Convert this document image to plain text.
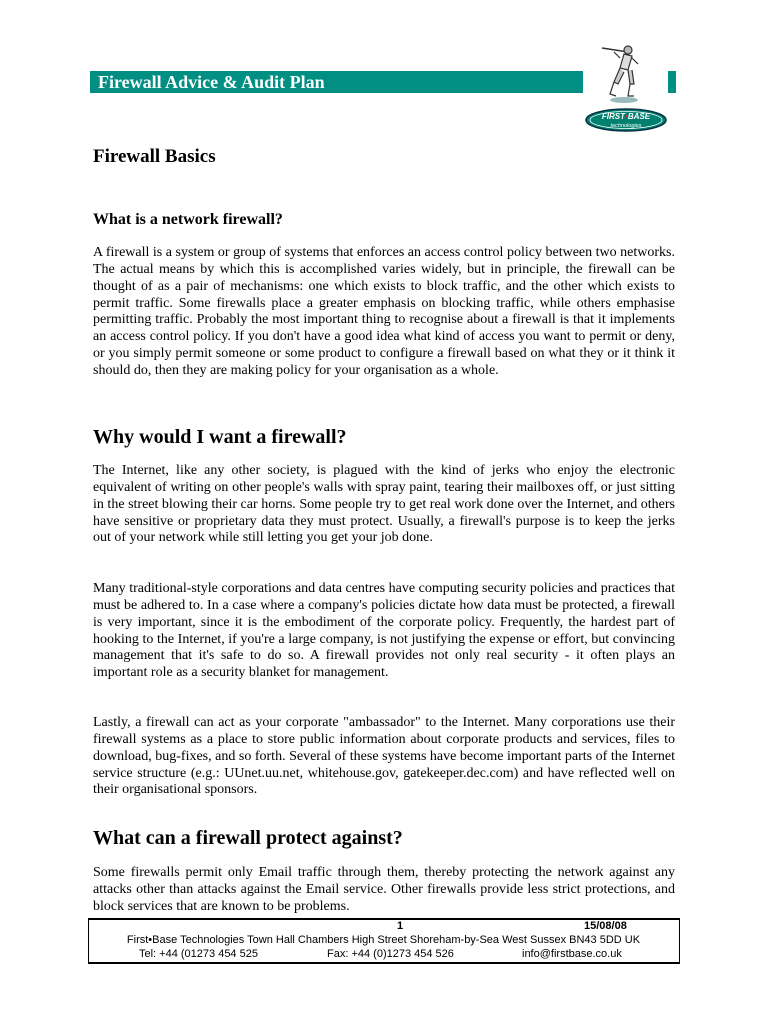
Firewall Advice & Audit Plan
FIRST•BASE
technologies
Firewall Basics
What is a network firewall?
A firewall is a system or group of systems that enforces an access control policy between two networks. The actual means by which this is accomplished varies widely, but in principle, the firewall can be thought of as a pair of mechanisms: one which exists to block traffic, and the other which exists to permit traffic. Some firewalls place a greater emphasis on blocking traffic, while others emphasise permitting traffic. Probably the most important thing to recognise about a firewall is that it implements an access control policy. If you don't have a good idea what kind of access you want to permit or deny, or you simply permit someone or some product to configure a firewall based on what they or it think it should do, then they are making policy for your organisation as a whole.
Why would I want a firewall?
The Internet, like any other society, is plagued with the kind of jerks who enjoy the electronic equivalent of writing on other people's walls with spray paint, tearing their mailboxes off, or just sitting in the street blowing their car horns. Some people try to get real work done over the Internet, and others have sensitive or proprietary data they must protect. Usually, a firewall's purpose is to keep the jerks out of your network while still letting you get your job done.
Many traditional-style corporations and data centres have computing security policies and practices that must be adhered to. In a case where a company's policies dictate how data must be protected, a firewall is very important, since it is the embodiment of the corporate policy. Frequently, the hardest part of hooking to the Internet, if you're a large company, is not justifying the expense or effort, but convincing management that it's safe to do so. A firewall provides not only real security - it often plays an important role as a security blanket for management.
Lastly, a firewall can act as your corporate "ambassador" to the Internet. Many corporations use their firewall systems as a place to store public information about corporate products and services, files to download, bug-fixes, and so forth. Several of these systems have become important parts of the Internet service structure (e.g.: UUnet.uu.net, whitehouse.gov, gatekeeper.dec.com) and have reflected well on their organisational sponsors.
What can a firewall protect against?
Some firewalls permit only Email traffic through them, thereby protecting the network against any attacks other than attacks against the Email service. Other firewalls provide less strict protections, and block services that are known to be problems.
1	15/08/08
First•Base Technologies Town Hall Chambers High Street Shoreham-by-Sea West Sussex BN43 5DD UK
Tel: +44 (01273 454 525	Fax: +44 (0)1273 454 526	info@firstbase.co.uk
